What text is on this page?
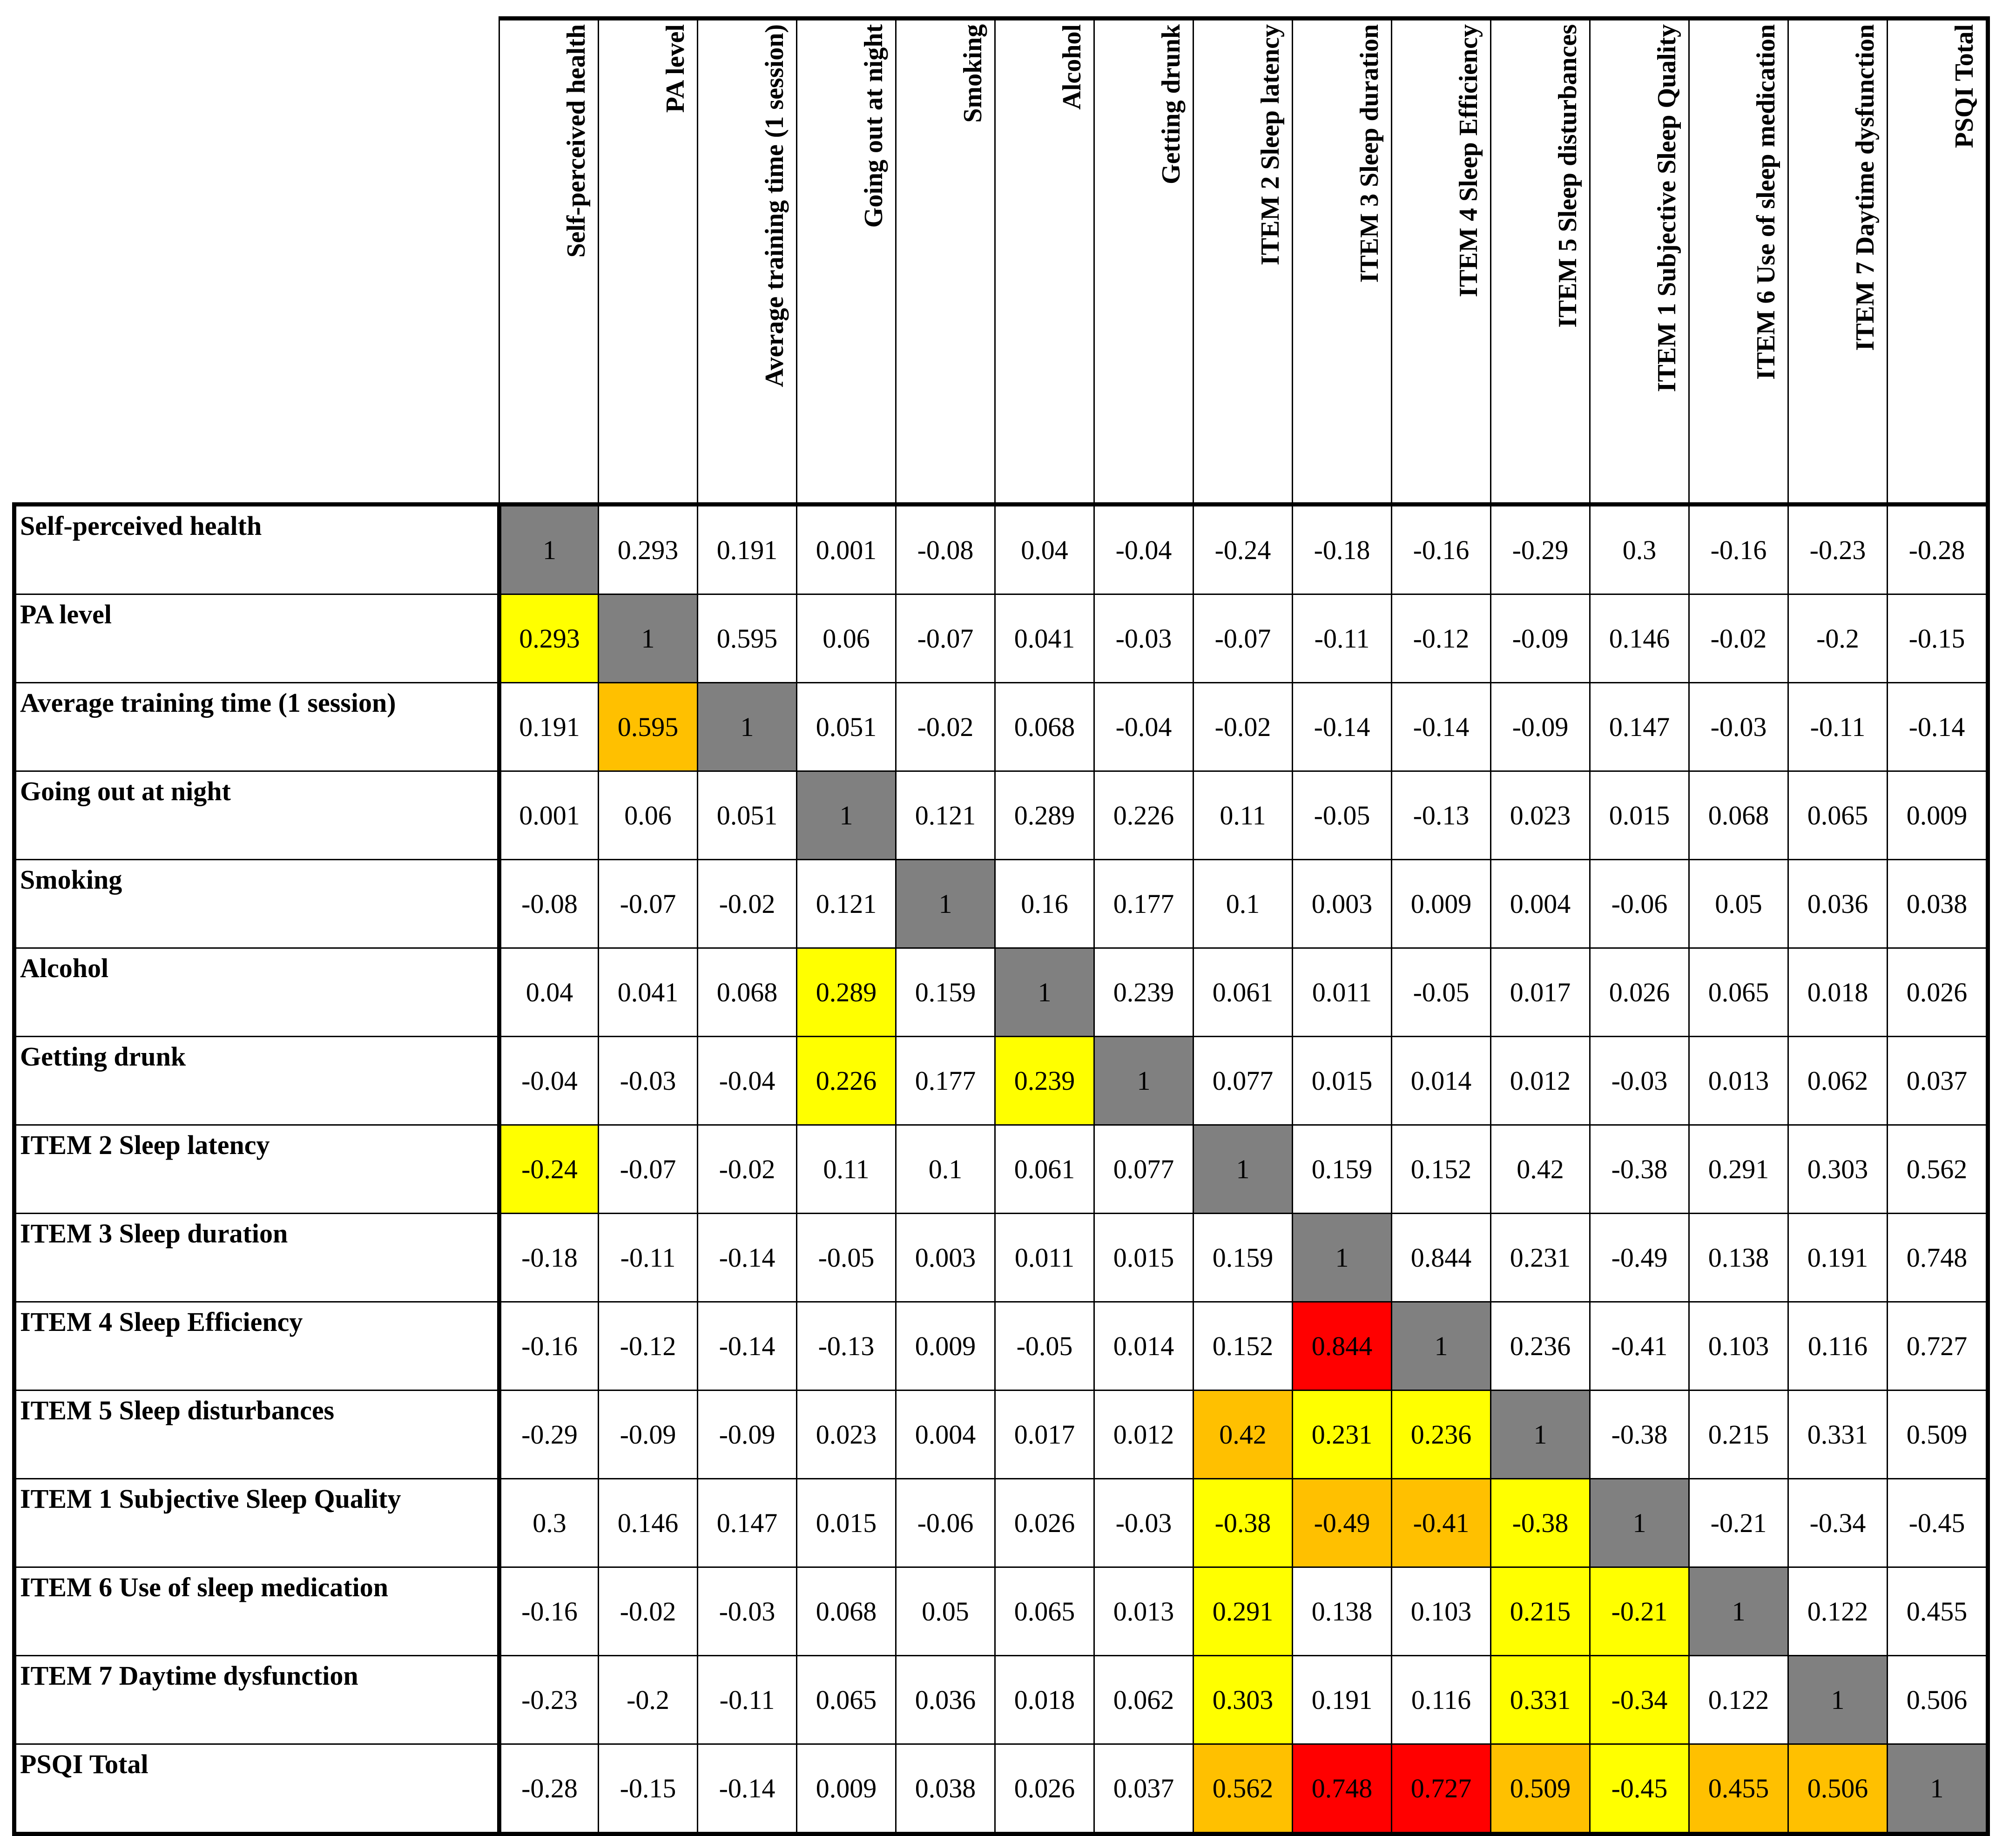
	Self-perceived health	PA level	Average training time (1 session)	Going out at night	Smoking	Alcohol	Getting drunk	ITEM 2 Sleep latency	ITEM 3 Sleep duration	ITEM 4 Sleep Efficiency	ITEM 5 Sleep disturbances	ITEM 1 Subjective Sleep Quality	ITEM 6 Use of sleep medication	ITEM 7 Daytime dysfunction	PSQI Total

Self-perceived health	1	0.293	0.191	0.001	-0.08	0.04	-0.04	-0.24	-0.18	-0.16	-0.29	0.3	-0.16	-0.23	-0.28
PA level	0.293	1	0.595	0.06	-0.07	0.041	-0.03	-0.07	-0.11	-0.12	-0.09	0.146	-0.02	-0.2	-0.15
Average training time (1 session)	0.191	0.595	1	0.051	-0.02	0.068	-0.04	-0.02	-0.14	-0.14	-0.09	0.147	-0.03	-0.11	-0.14
Going out at night	0.001	0.06	0.051	1	0.121	0.289	0.226	0.11	-0.05	-0.13	0.023	0.015	0.068	0.065	0.009
Smoking	-0.08	-0.07	-0.02	0.121	1	0.16	0.177	0.1	0.003	0.009	0.004	-0.06	0.05	0.036	0.038
Alcohol	0.04	0.041	0.068	0.289	0.159	1	0.239	0.061	0.011	-0.05	0.017	0.026	0.065	0.018	0.026
Getting drunk	-0.04	-0.03	-0.04	0.226	0.177	0.239	1	0.077	0.015	0.014	0.012	-0.03	0.013	0.062	0.037
ITEM 2 Sleep latency	-0.24	-0.07	-0.02	0.11	0.1	0.061	0.077	1	0.159	0.152	0.42	-0.38	0.291	0.303	0.562
ITEM 3 Sleep duration	-0.18	-0.11	-0.14	-0.05	0.003	0.011	0.015	0.159	1	0.844	0.231	-0.49	0.138	0.191	0.748
ITEM 4 Sleep Efficiency	-0.16	-0.12	-0.14	-0.13	0.009	-0.05	0.014	0.152	0.844	1	0.236	-0.41	0.103	0.116	0.727
ITEM 5 Sleep disturbances	-0.29	-0.09	-0.09	0.023	0.004	0.017	0.012	0.42	0.231	0.236	1	-0.38	0.215	0.331	0.509
ITEM 1 Subjective Sleep Quality	0.3	0.146	0.147	0.015	-0.06	0.026	-0.03	-0.38	-0.49	-0.41	-0.38	1	-0.21	-0.34	-0.45
ITEM 6 Use of sleep medication	-0.16	-0.02	-0.03	0.068	0.05	0.065	0.013	0.291	0.138	0.103	0.215	-0.21	1	0.122	0.455
ITEM 7 Daytime dysfunction	-0.23	-0.2	-0.11	0.065	0.036	0.018	0.062	0.303	0.191	0.116	0.331	-0.34	0.122	1	0.506
PSQI Total	-0.28	-0.15	-0.14	0.009	0.038	0.026	0.037	0.562	0.748	0.727	0.509	-0.45	0.455	0.506	1
